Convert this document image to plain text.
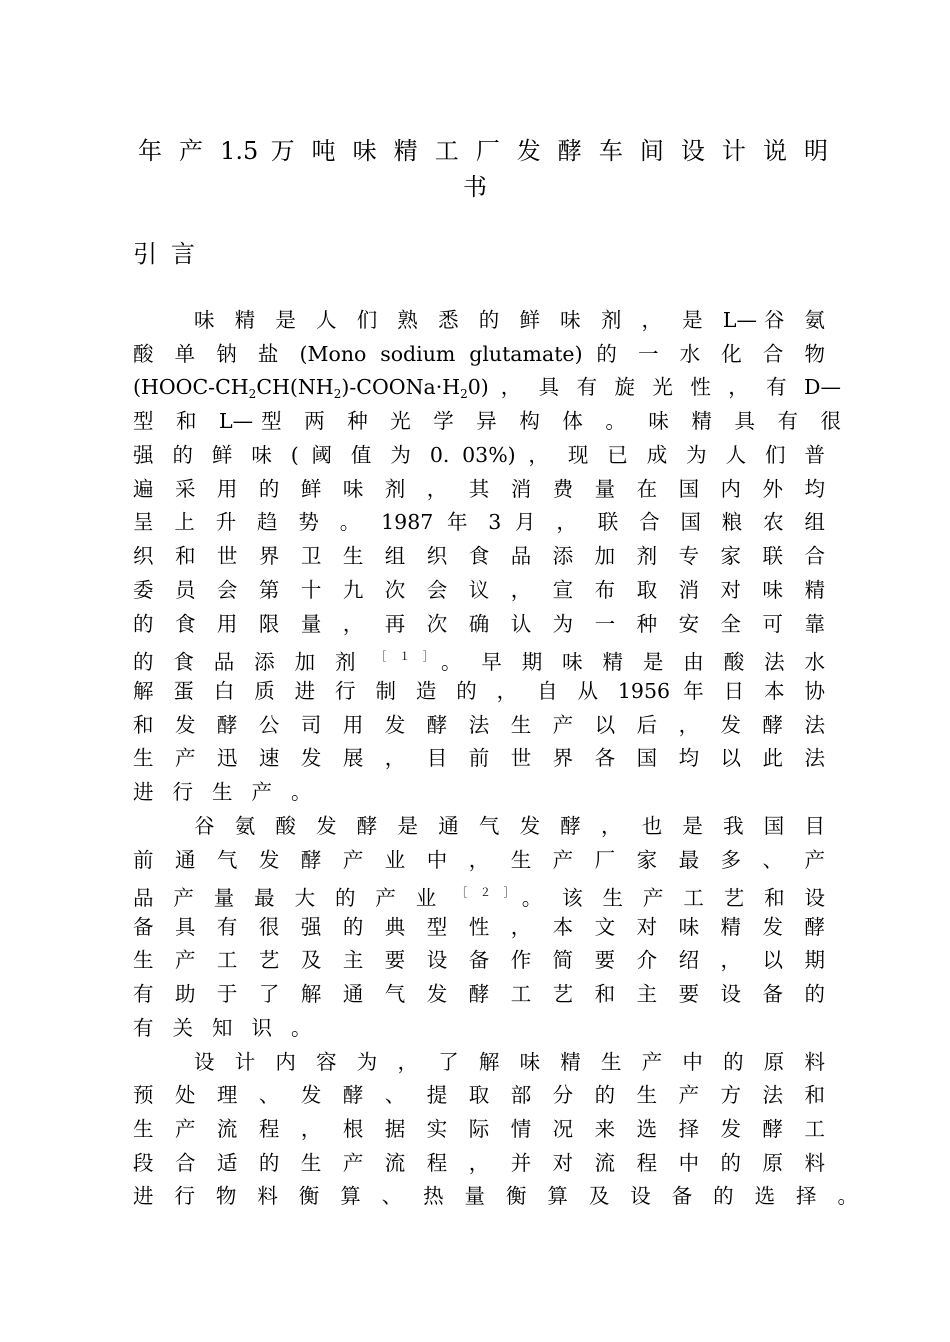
年 产 1.5 万 吨 味 精 工 厂 发 酵 车 间 设 计 说 明
书
引言
味 精 是 人 们 熟 悉 的 鲜 味 剂 ， 是 L—谷 氨
酸 单 钠 盐 (Mono sodium glutamate) 的 一 水 化 合 物
$(HOOC-CH_2CH(NH_2)-COONa\cdot H_20)$ ， 具 有 旋 光 性 ， 有 D—
型 和 L—型 两 种 光 学 异 构 体 。 味 精 具 有 很
强 的 鲜 味 ( 阈 值 为 0. 03%) ， 现 已 成 为 人 们 普
遍 采 用 的 鲜 味 剂 ， 其 消 费 量 在 国 内 外 均
呈 上 升 趋 势 。 1987 年 3 月 ， 联 合 国 粮 农 组
织 和 世 界 卫 生 组 织 食 品 添 加 剂 专 家 联 合
委 员 会 第 十 九 次 会 议 ， 宣 布 取 消 对 味 精
的 食 用 限 量 ， 再 次 确 认 为 一 种 安 全 可 靠
的 食 品 添 加 剂 $^{[1]}$。 早 期 味 精 是 由 酸 法 水
解 蛋 白 质 进 行 制 造 的 ， 自 从 1956 年 日 本 协
和 发 酵 公 司 用 发 酵 法 生 产 以 后 ， 发 酵 法
生 产 迅 速 发 展 ， 目 前 世 界 各 国 均 以 此 法
进行生产。
谷 氨 酸 发 酵 是 通 气 发 酵 ， 也 是 我 国 目
前 通 气 发 酵 产 业 中 ， 生 产 厂 家 最 多 、 产
品 产 量 最 大 的 产 业 $^{[2]}$。 该 生 产 工 艺 和 设
备 具 有 很 强 的 典 型 性 ， 本 文 对 味 精 发 酵
生 产 工 艺 及 主 要 设 备 作 简 要 介 绍 ， 以 期
有 助 于 了 解 通 气 发 酵 工 艺 和 主 要 设 备 的
有关知识。
设 计 内 容 为 ， 了 解 味 精 生 产 中 的 原 料
预 处 理 、 发 酵 、 提 取 部 分 的 生 产 方 法 和
生 产 流 程 ， 根 据 实 际 情 况 来 选 择 发 酵 工
段 合 适 的 生 产 流 程 ， 并 对 流 程 中 的 原 料
进 行 物 料 衡 算 、 热 量 衡 算 及 设 备 的 选 择 。
